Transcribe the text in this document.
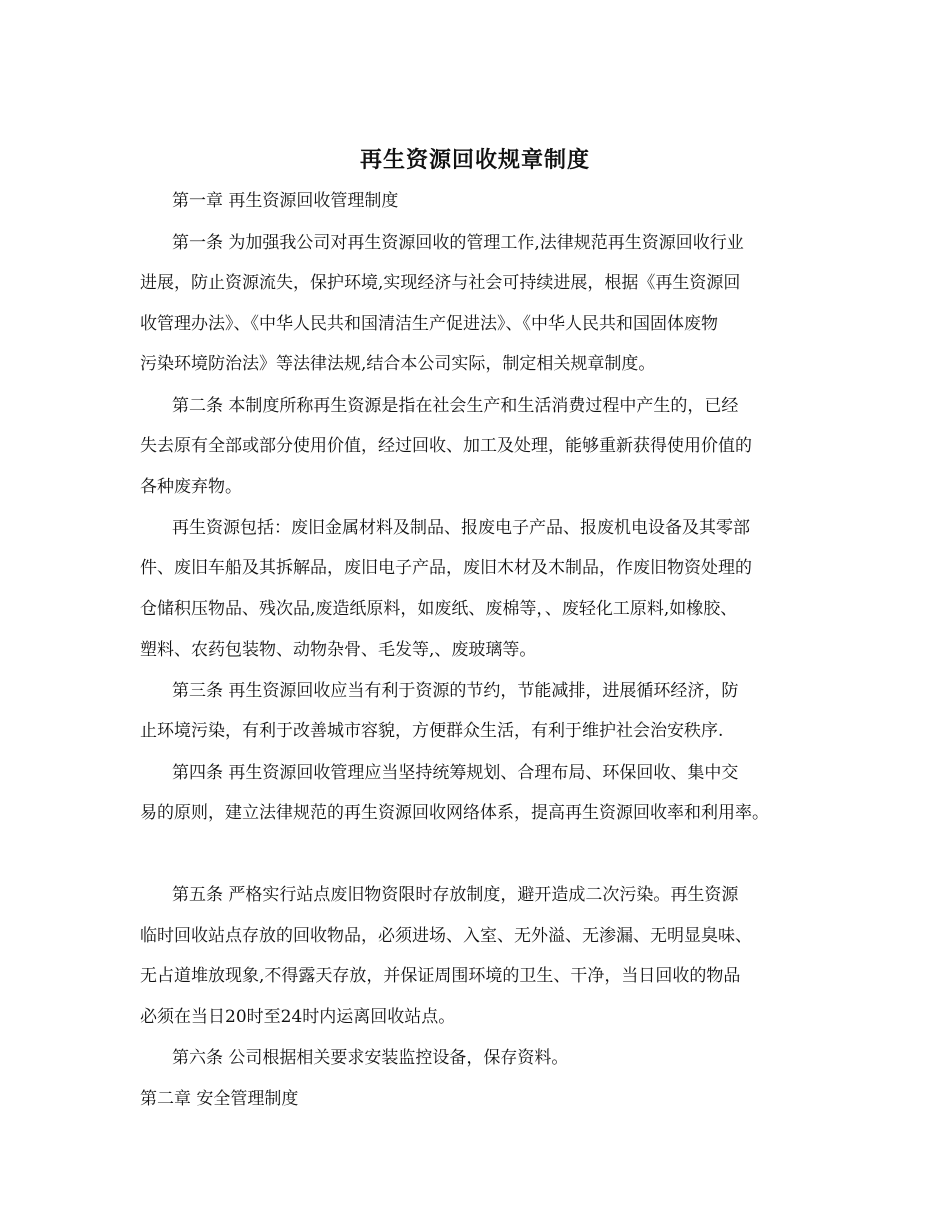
再生资源回收规章制度
第一章 再生资源回收管理制度
第一条 为加强我公司对再生资源回收的管理工作,法律规范再生资源回收行业
进展，防止资源流失，保护环境,实现经济与社会可持续进展，根据《再生资源回
收管理办法》、《中华人民共和国清洁生产促进法》、《中华人民共和国固体废物
污染环境防治法》等法律法规,结合本公司实际，制定相关规章制度。
第二条 本制度所称再生资源是指在社会生产和生活消费过程中产生的，已经
失去原有全部或部分使用价值，经过回收、加工及处理，能够重新获得使用价值的
各种废弃物。
再生资源包括：废旧金属材料及制品、报废电子产品、报废机电设备及其零部
件、废旧车船及其拆解品，废旧电子产品，废旧木材及木制品，作废旧物资处理的
仓储积压物品、残次品,废造纸原料，如废纸、废棉等，、废轻化工原料,如橡胶、
塑料、农药包装物、动物杂骨、毛发等,、废玻璃等。
第三条 再生资源回收应当有利于资源的节约，节能减排，进展循环经济，防
止环境污染，有利于改善城市容貌，方便群众生活，有利于维护社会治安秩序.
第四条 再生资源回收管理应当坚持统筹规划、合理布局、环保回收、集中交
易的原则，建立法律规范的再生资源回收网络体系，提高再生资源回收率和利用率。
第五条 严格实行站点废旧物资限时存放制度，避开造成二次污染。再生资源
临时回收站点存放的回收物品，必须进场、入室、无外溢、无渗漏、无明显臭味、
无占道堆放现象,不得露天存放，并保证周围环境的卫生、干净，当日回收的物品
必须在当日20时至24时内运离回收站点。
第六条 公司根据相关要求安装监控设备，保存资料。
第二章 安全管理制度
